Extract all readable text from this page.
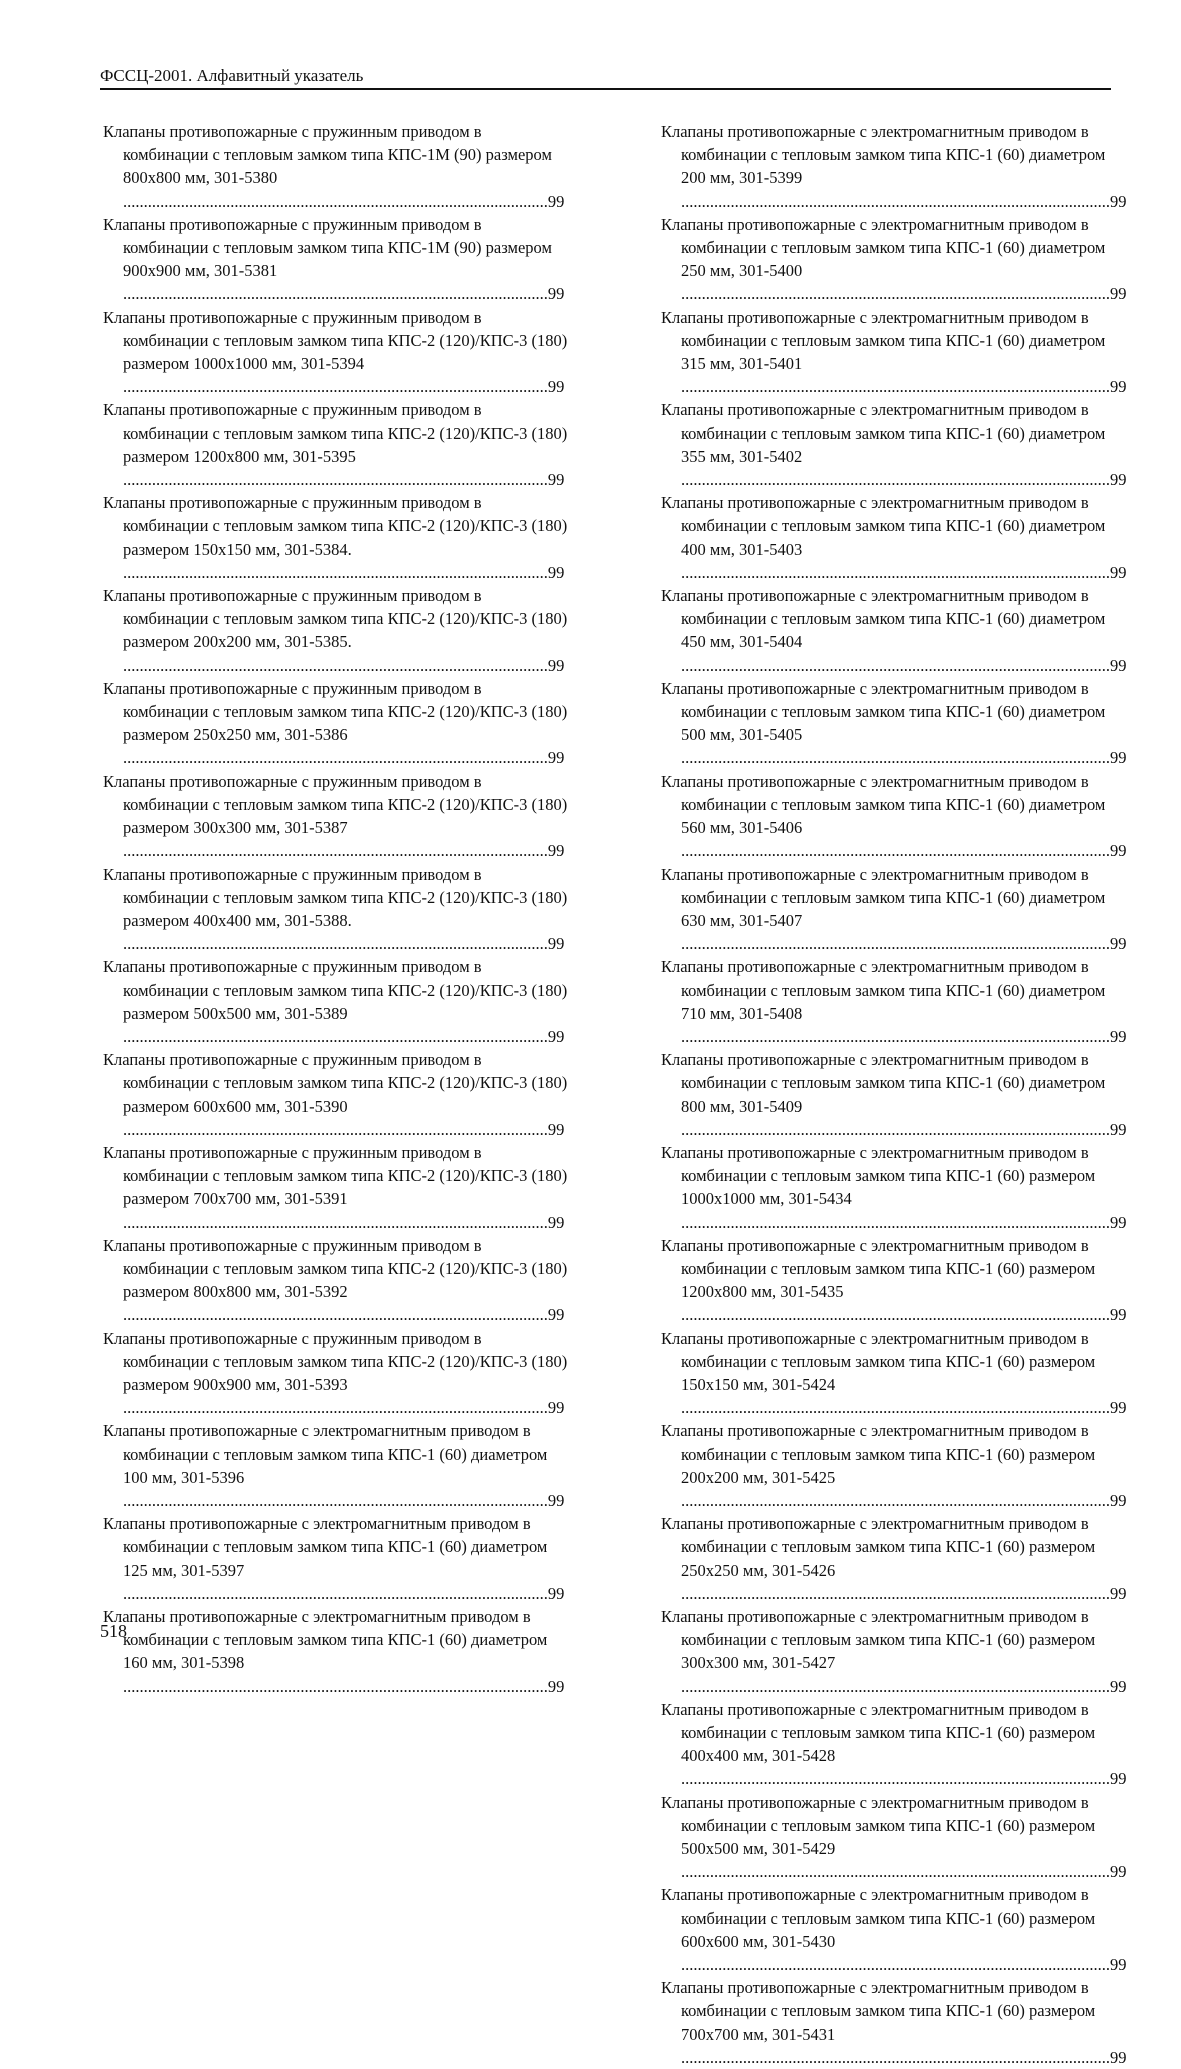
ФССЦ-2001. Алфавитный указатель

Клапаны противопожарные с пружинным приводом в комбинации с тепловым замком типа КПС-1М (90) размером 800х800 мм, 301-5380 .......................................................................................................99

Клапаны противопожарные с пружинным приводом в комбинации с тепловым замком типа КПС-1М (90) размером 900х900 мм, 301-5381 .......................................................................................................99

Клапаны противопожарные с пружинным приводом в комбинации с тепловым замком типа КПС-2 (120)/КПС-3 (180) размером 1000х1000 мм, 301-5394 .......................................................................................................99

Клапаны противопожарные с пружинным приводом в комбинации с тепловым замком типа КПС-2 (120)/КПС-3 (180) размером 1200х800 мм, 301-5395 .......................................................................................................99

Клапаны противопожарные с пружинным приводом в комбинации с тепловым замком типа КПС-2 (120)/КПС-3 (180) размером 150х150 мм, 301-5384. .......................................................................................................99

Клапаны противопожарные с пружинным приводом в комбинации с тепловым замком типа КПС-2 (120)/КПС-3 (180) размером 200х200 мм, 301-5385. .......................................................................................................99

Клапаны противопожарные с пружинным приводом в комбинации с тепловым замком типа КПС-2 (120)/КПС-3 (180) размером 250х250 мм, 301-5386 .......................................................................................................99

Клапаны противопожарные с пружинным приводом в комбинации с тепловым замком типа КПС-2 (120)/КПС-3 (180) размером 300х300 мм, 301-5387 .......................................................................................................99

Клапаны противопожарные с пружинным приводом в комбинации с тепловым замком типа КПС-2 (120)/КПС-3 (180) размером 400х400 мм, 301-5388. .......................................................................................................99

Клапаны противопожарные с пружинным приводом в комбинации с тепловым замком типа КПС-2 (120)/КПС-3 (180) размером 500х500 мм, 301-5389 .......................................................................................................99

Клапаны противопожарные с пружинным приводом в комбинации с тепловым замком типа КПС-2 (120)/КПС-3 (180) размером 600х600 мм, 301-5390 .......................................................................................................99

Клапаны противопожарные с пружинным приводом в комбинации с тепловым замком типа КПС-2 (120)/КПС-3 (180) размером 700х700 мм, 301-5391 .......................................................................................................99

Клапаны противопожарные с пружинным приводом в комбинации с тепловым замком типа КПС-2 (120)/КПС-3 (180) размером 800х800 мм, 301-5392 .......................................................................................................99

Клапаны противопожарные с пружинным приводом в комбинации с тепловым замком типа КПС-2 (120)/КПС-3 (180) размером 900х900 мм, 301-5393 .......................................................................................................99

Клапаны противопожарные с электромагнитным приводом в комбинации с тепловым замком типа КПС-1 (60) диаметром 100 мм, 301-5396 .......................................................................................................99

Клапаны противопожарные с электромагнитным приводом в комбинации с тепловым замком типа КПС-1 (60) диаметром 125 мм, 301-5397 .......................................................................................................99

Клапаны противопожарные с электромагнитным приводом в комбинации с тепловым замком типа КПС-1 (60) диаметром 160 мм, 301-5398 .......................................................................................................99

Клапаны противопожарные с электромагнитным приводом в комбинации с тепловым замком типа КПС-1 (60) диаметром 200 мм, 301-5399 ........................................................................................................99

Клапаны противопожарные с электромагнитным приводом в комбинации с тепловым замком типа КПС-1 (60) диаметром 250 мм, 301-5400 ........................................................................................................99

Клапаны противопожарные с электромагнитным приводом в комбинации с тепловым замком типа КПС-1 (60) диаметром 315 мм, 301-5401 ........................................................................................................99

Клапаны противопожарные с электромагнитным приводом в комбинации с тепловым замком типа КПС-1 (60) диаметром 355 мм, 301-5402 ........................................................................................................99

Клапаны противопожарные с электромагнитным приводом в комбинации с тепловым замком типа КПС-1 (60) диаметром 400 мм, 301-5403 ........................................................................................................99

Клапаны противопожарные с электромагнитным приводом в комбинации с тепловым замком типа КПС-1 (60) диаметром 450 мм, 301-5404 ........................................................................................................99

Клапаны противопожарные с электромагнитным приводом в комбинации с тепловым замком типа КПС-1 (60) диаметром 500 мм, 301-5405 ........................................................................................................99

Клапаны противопожарные с электромагнитным приводом в комбинации с тепловым замком типа КПС-1 (60) диаметром 560 мм, 301-5406 ........................................................................................................99

Клапаны противопожарные с электромагнитным приводом в комбинации с тепловым замком типа КПС-1 (60) диаметром 630 мм, 301-5407 ........................................................................................................99

Клапаны противопожарные с электромагнитным приводом в комбинации с тепловым замком типа КПС-1 (60) диаметром 710 мм, 301-5408 ........................................................................................................99

Клапаны противопожарные с электромагнитным приводом в комбинации с тепловым замком типа КПС-1 (60) диаметром 800 мм, 301-5409 ........................................................................................................99

Клапаны противопожарные с электромагнитным приводом в комбинации с тепловым замком типа КПС-1 (60) размером 1000х1000 мм, 301-5434 ........................................................................................................99

Клапаны противопожарные с электромагнитным приводом в комбинации с тепловым замком типа КПС-1 (60) размером 1200х800 мм, 301-5435 ........................................................................................................99

Клапаны противопожарные с электромагнитным приводом в комбинации с тепловым замком типа КПС-1 (60) размером 150х150 мм, 301-5424 ........................................................................................................99

Клапаны противопожарные с электромагнитным приводом в комбинации с тепловым замком типа КПС-1 (60) размером 200х200 мм, 301-5425 ........................................................................................................99

Клапаны противопожарные с электромагнитным приводом в комбинации с тепловым замком типа КПС-1 (60) размером 250х250 мм, 301-5426 ........................................................................................................99

Клапаны противопожарные с электромагнитным приводом в комбинации с тепловым замком типа КПС-1 (60) размером 300х300 мм, 301-5427 ........................................................................................................99

Клапаны противопожарные с электромагнитным приводом в комбинации с тепловым замком типа КПС-1 (60) размером 400х400 мм, 301-5428 ........................................................................................................99

Клапаны противопожарные с электромагнитным приводом в комбинации с тепловым замком типа КПС-1 (60) размером 500х500 мм, 301-5429 ........................................................................................................99

Клапаны противопожарные с электромагнитным приводом в комбинации с тепловым замком типа КПС-1 (60) размером 600х600 мм, 301-5430 ........................................................................................................99

Клапаны противопожарные с электромагнитным приводом в комбинации с тепловым замком типа КПС-1 (60) размером 700х700 мм, 301-5431 ........................................................................................................99

518
